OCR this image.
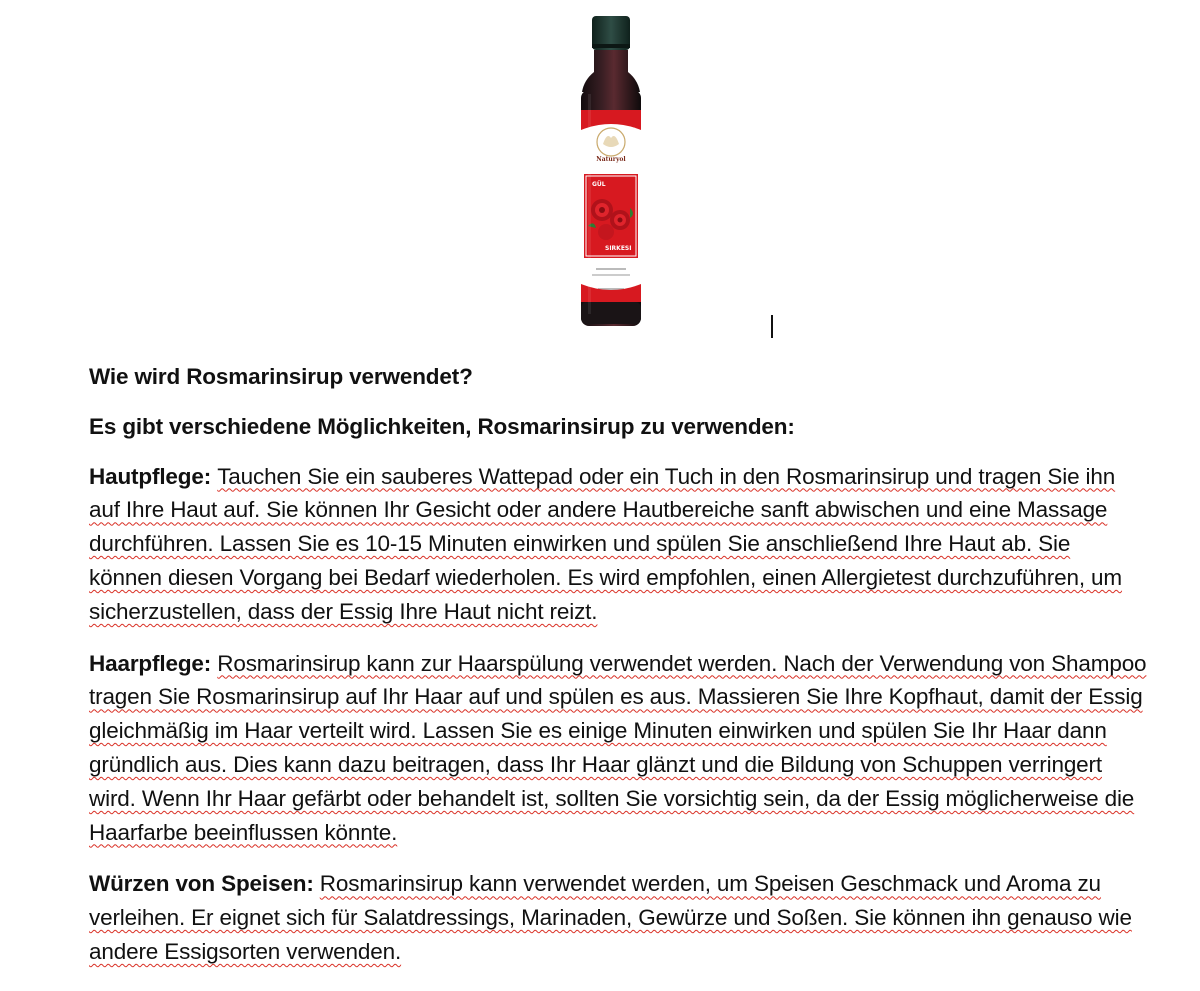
Naturyol
GÜL
SIRKESI

Wie wird Rosmarinsirup verwendet?

Es gibt verschiedene Möglichkeiten, Rosmarinsirup zu verwenden:

Hautpflege: Tauchen Sie ein sauberes Wattepad oder ein Tuch in den Rosmarinsirup und tragen Sie ihn auf Ihre Haut auf. Sie können Ihr Gesicht oder andere Hautbereiche sanft abwischen und eine Massage durchführen. Lassen Sie es 10-15 Minuten einwirken und spülen Sie anschließend Ihre Haut ab. Sie können diesen Vorgang bei Bedarf wiederholen. Es wird empfohlen, einen Allergietest durchzuführen, um sicherzustellen, dass der Essig Ihre Haut nicht reizt.

Haarpflege: Rosmarinsirup kann zur Haarspülung verwendet werden. Nach der Verwendung von Shampoo tragen Sie Rosmarinsirup auf Ihr Haar auf und spülen es aus. Massieren Sie Ihre Kopfhaut, damit der Essig gleichmäßig im Haar verteilt wird. Lassen Sie es einige Minuten einwirken und spülen Sie Ihr Haar dann gründlich aus. Dies kann dazu beitragen, dass Ihr Haar glänzt und die Bildung von Schuppen verringert wird. Wenn Ihr Haar gefärbt oder behandelt ist, sollten Sie vorsichtig sein, da der Essig möglicherweise die Haarfarbe beeinflussen könnte.

Würzen von Speisen: Rosmarinsirup kann verwendet werden, um Speisen Geschmack und Aroma zu verleihen. Er eignet sich für Salatdressings, Marinaden, Gewürze und Soßen. Sie können ihn genauso wie andere Essigsorten verwenden.
